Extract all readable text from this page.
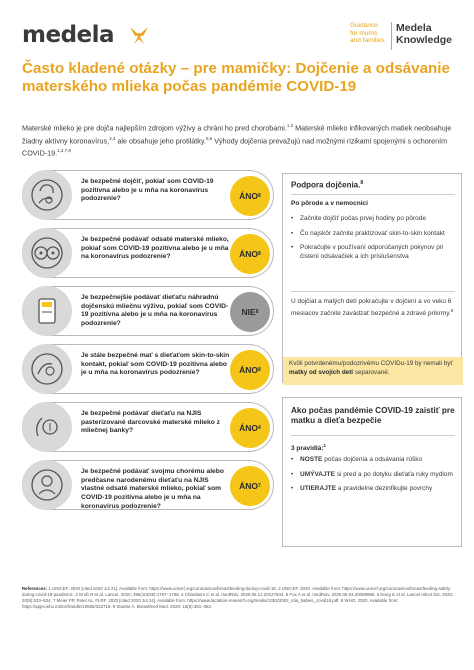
medela	Guidance
for mums
and families
Medela
Knowledge
Často kladené otázky – pre mamičky: Dojčenie a odsávanie materského mlieka počas pandémie COVID-19
Materské mlieko je pre dojča najlepším zdrojom výživy a chráni ho pred chorobami.$^{1,2}$ Materské mlieko infikovaných matiek neobsahuje žiadny aktívny koronavírus,$^{3,4}$ ale obsahuje jeho protilátky.$^{5,6}$ Výhody dojčenia prevažujú nad možnými rizikami spojenými s ochorením COVID-19.$^{1,2,7,8}$
Je bezpečné dojčiť, pokiaľ som COVID-19 pozitívna alebo je u mňa na koronavírus podozrenie?	ÁNO 8
Je bezpečné podávať odsaté materské mlieko, pokiaľ som COVID-19 pozitívna alebo je u mňa na koronavírus podozrenie?	ÁNO 8
Je bezpečnejšie podávať dieťaťu náhradnú dojčenskú mliečnu výživu, pokiaľ som COVID-19 pozitívna alebo je u mňa na koronavírus podozrenie?
NIE 8
Je stále bezpečné mať s dieťaťom skin-to-skin kontakt, pokiaľ som COVID-19 pozitívna alebo je u mňa na koronavírus podozrenie?	ÁNO 8
Je bezpečné podávať dieťaťu na NJIS pasterizované darcovské materské mlieko z mliečnej banky?	ÁNO 4
Je bezpečné podávať svojmu chorému alebo predčasne narodenému dieťaťu na NJIS vlastné odsaté materské mlieko, pokiaľ som COVID-19 pozitívna alebo je u mňa na koronavírus podozrenie?
ÁNO 7
Podpora dojčenia.$^8$
Po pôrode a v nemocnici
• Začnite dojčiť počas prvej hodiny po pôrode
• Čo najskôr začnite praktizovať skin-to-skin kontakt
• Pokračujte v používaní odporúčaných pokynov pri čistení odsávačiek a ich príslušenstva
U dojčiat a malých detí pokračujte v dojčení a vo veku 6 mesiacov začnite zavádzať bezpečné a zdravé príkrmy.$^8$
Kvôli potvrdenému/podozrivému COVIDu-19 by nemali byť matky od svojich detí separované.
Ako počas pandémie COVID-19 zaistiť pre matku a dieťa bezpečie
3 pravidlá:$^1$
• NOSTE počas dojčenia a odsávania rúško
• UMÝVAJTE si pred a po dotyku dieťaťa ruky mydlom
• UTIERAJTE a pravidelne dezinfikujte povrchy
References: 1 UNICEF. 2020 [cited 2020 Jul 21]. Available from: https://www.unicef.org/coronavirus/breastfeeding-during-covid-19. 2 UNICEF. 2020. Available from: https://www.unicef.org/coronavirus/breastfeeding-safely-during-covid-19-pandemic. 3 Groß R et al. Lancet. 2020; 395(10239):1757–1758. 4 Chambers C et al. medRxiv. 2020.06.12.20127944. 5 Fox A et al. medRxiv. 2020.05.04.20089995. 6 Dong E et al. Lancet Infect Dis. 2020; 20(5):533–534. 7 Meier PP, Patel AL. FLRF. 2020 [cited 2020 Jul 24]. Available from: https://www.lactation-research.org/media/1353/2002_ntia_babies_covid19.pdf. 8 WHO. 2020. Available from: https://apps.who.int/iris/handle/10665/332719. 9 Stuebe A. Breastfeed Med. 2020; 15(5):351–352.
